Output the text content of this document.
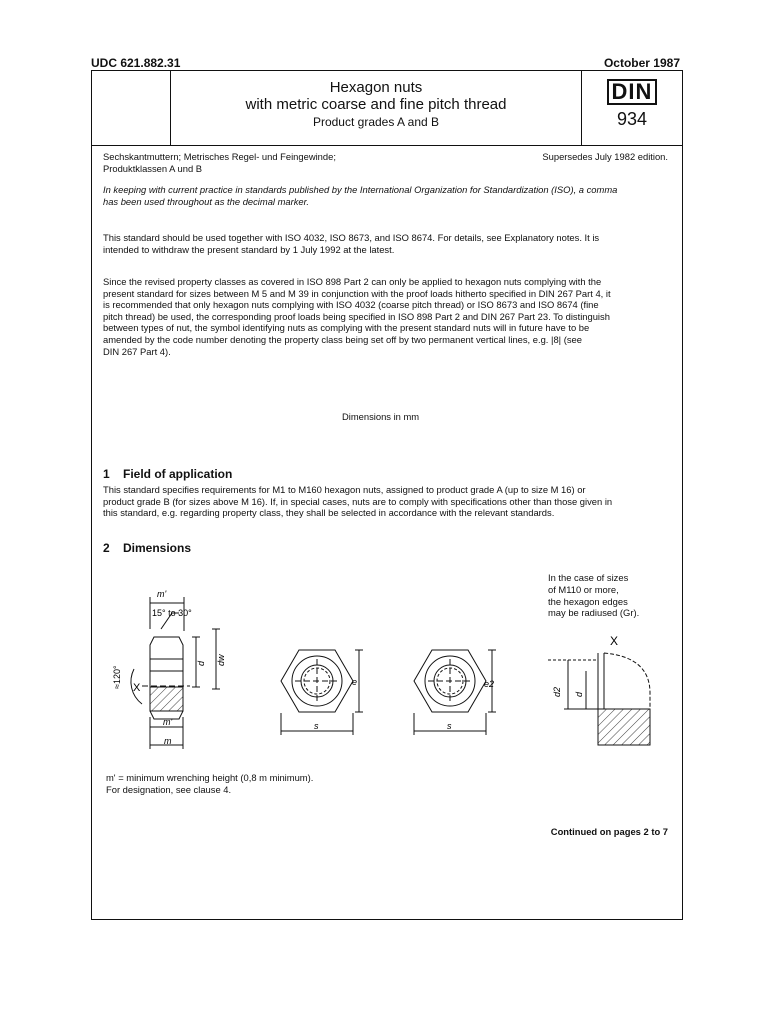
UDC 621.882.31	October 1987
Hexagon nuts
with metric coarse and fine pitch thread
Product grades A and B
DIN
934
Sechskantmuttern; Metrisches Regel- und Feingewinde;
Produktklassen A und B
Supersedes July 1982 edition.
In keeping with current practice in standards published by the International Organization for Standardization (ISO), a comma
has been used throughout as the decimal marker.
This standard should be used together with ISO 4032, ISO 8673, and ISO 8674. For details, see Explanatory notes. It is
intended to withdraw the present standard by 1 July 1992 at the latest.
Since the revised property classes as covered in ISO 898 Part 2 can only be applied to hexagon nuts complying with the
present standard for sizes between M 5 and M 39 in conjunction with the proof loads hitherto specified in DIN 267 Part 4, it
is recommended that only hexagon nuts complying with ISO 4032 (coarse pitch thread) or ISO 8673 and ISO 8674 (fine
pitch thread) be used, the corresponding proof loads being specified in ISO 898 Part 2 and DIN 267 Part 23. To distinguish
between types of nut, the symbol identifying nuts as complying with the present standard nuts will in future have to be
amended by the code number denoting the property class being set off by two permanent vertical lines, e.g. |8| (see
DIN 267 Part 4).
Dimensions in mm
1 Field of application
This standard specifies requirements for M1 to M160 hexagon nuts, assigned to product grade A (up to size M 16) or
product grade B (for sizes above M 16). If, in special cases, nuts are to comply with specifications other than those given in
this standard, e.g. regarding property class, they shall be selected in accordance with the relevant standards.
2 Dimensions
In the case of sizes
of M110 or more,
the hexagon edges
may be radiused (Gr).
m'
15° to 30°
≈120° X
d dw
m'
m
e
s
e2
s
X
d2 d
m' = minimum wrenching height (0,8 m minimum).
For designation, see clause 4.
Continued on pages 2 to 7
